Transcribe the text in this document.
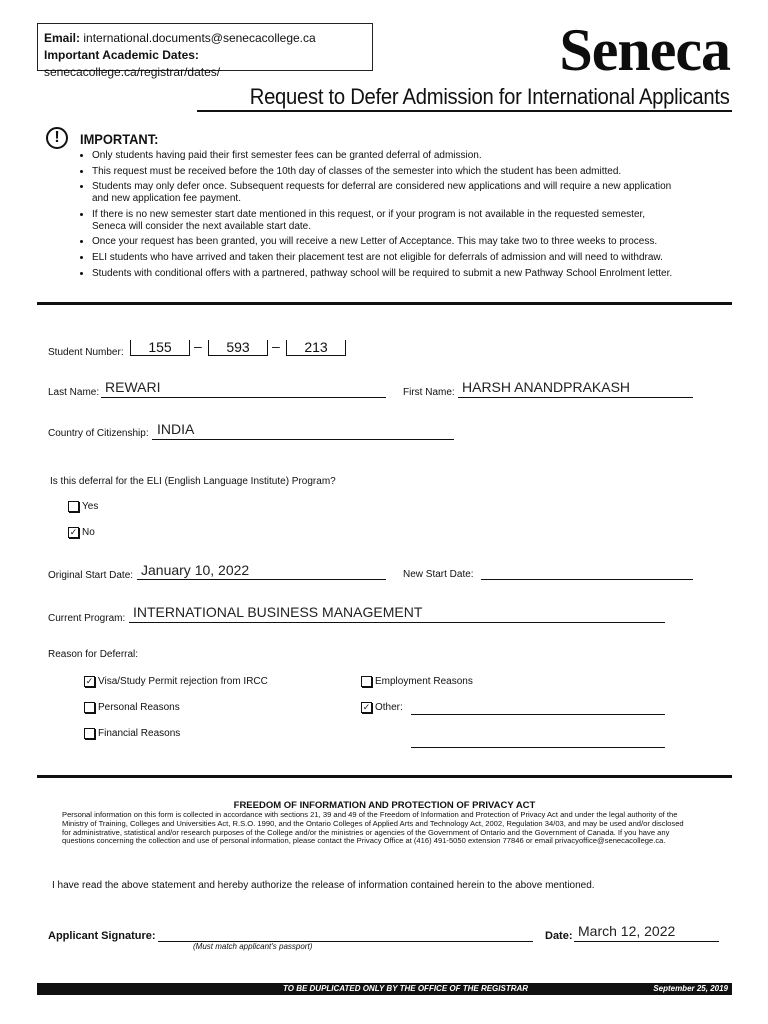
Email: international.documents@senecacollege.ca
Important Academic Dates: senecacollege.ca/registrar/dates/	Seneca
Request to Defer Admission for International Applicants
!	IMPORTANT:
• Only students having paid their first semester fees can be granted deferral of admission.
• This request must be received before the 10th day of classes of the semester into which the student has been admitted.
• Students may only defer once. Subsequent requests for deferral are considered new applications and will require a new application
and new application fee payment.
• If there is no new semester start date mentioned in this request, or if your program is not available in the requested semester,
Seneca will consider the next available start date.
• Once your request has been granted, you will receive a new Letter of Acceptance. This may take two to three weeks to process.
• ELI students who have arrived and taken their placement test are not eligible for deferrals of admission and will need to withdraw.
• Students with conditional offers with a partnered, pathway school will be required to submit a new Pathway School Enrolment letter.
Student Number:	155	–	593	–	213
Last Name: REWARI	First Name: HARSH ANANDPRAKASH
Country of Citizenship: INDIA
Is this deferral for the ELI (English Language Institute) Program?
Yes
✓ No
Original Start Date: January 10, 2022	New Start Date:
Current Program: INTERNATIONAL BUSINESS MANAGEMENT
Reason for Deferral:
✓ Visa/Study Permit rejection from IRCC
Personal Reasons
Financial Reasons
Employment Reasons
✓ Other:
FREEDOM OF INFORMATION AND PROTECTION OF PRIVACY ACT
Personal information on this form is collected in accordance with sections 21, 39 and 49 of the Freedom of Information and Protection of Privacy Act and under the legal authority of the
Ministry of Training, Colleges and Universities Act, R.S.O. 1990, and the Ontario Colleges of Applied Arts and Technology Act, 2002, Regulation 34/03, and may be used and/or disclosed
for administrative, statistical and/or research purposes of the College and/or the ministries or agencies of the Government of Ontario and the Government of Canada. If you have any
questions concerning the collection and use of personal information, please contact the Privacy Office at (416) 491-5050 extension 77846 or email privacyoffice@senecacollege.ca.
I have read the above statement and hereby authorize the release of information contained herein to the above mentioned.
Applicant Signature:
(Must match applicant's passport)
Date: March 12, 2022
TO BE DUPLICATED ONLY BY THE OFFICE OF THE REGISTRAR	September 25, 2019
